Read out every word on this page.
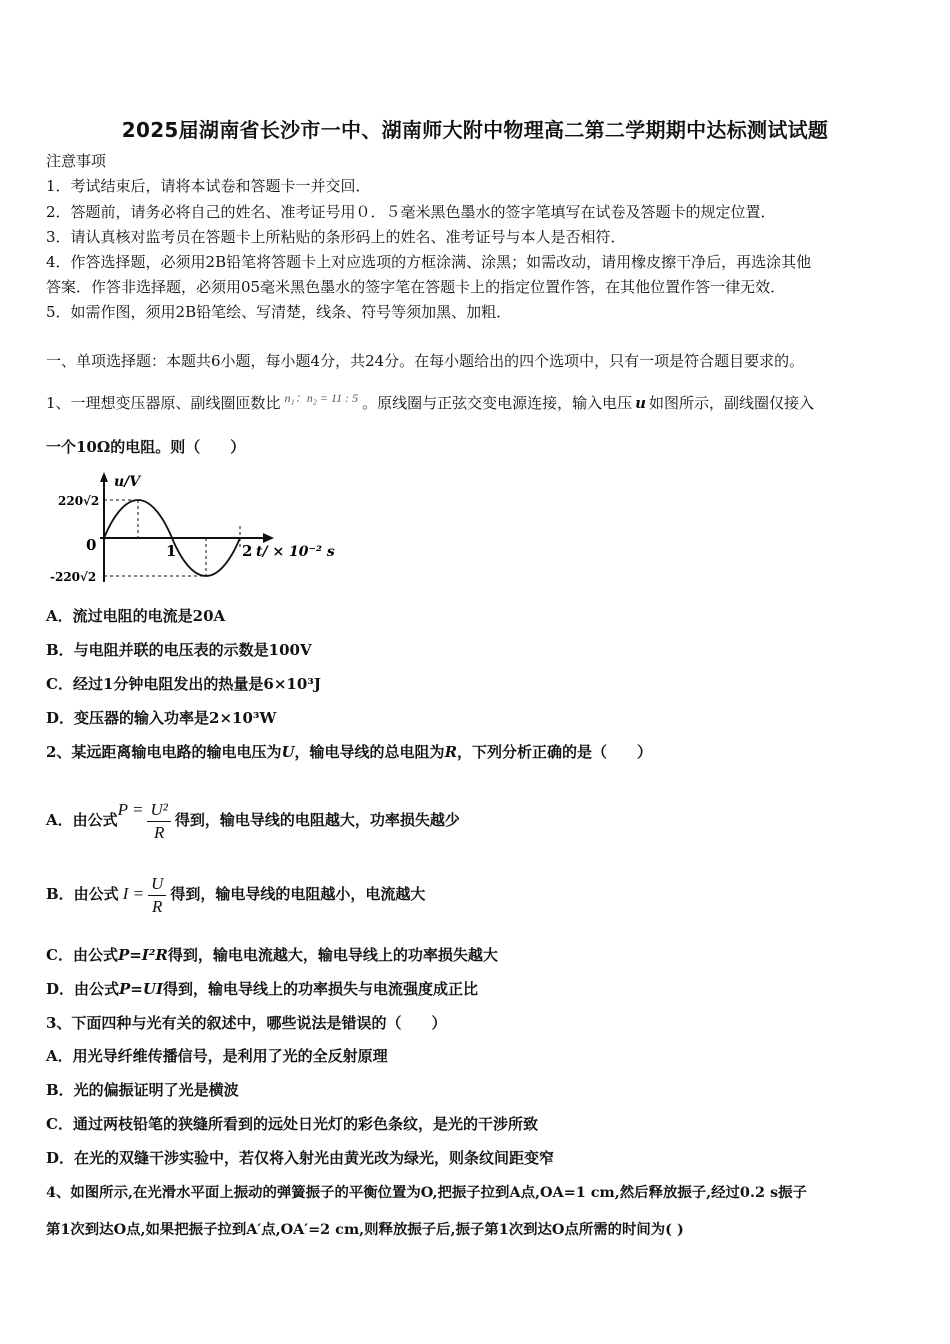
2025届湖南省长沙市一中、湖南师大附中物理高二第二学期期中达标测试试题
注意事项
1．考试结束后，请将本试卷和答题卡一并交回．
2．答题前，请务必将自己的姓名、准考证号用０．５毫米黑色墨水的签字笔填写在试卷及答题卡的规定位置．
3．请认真核对监考员在答题卡上所粘贴的条形码上的姓名、准考证号与本人是否相符．
4．作答选择题，必须用2B铅笔将答题卡上对应选项的方框涂满、涂黑；如需改动，请用橡皮擦干净后，再选涂其他
答案．作答非选择题，必须用05毫米黑色墨水的签字笔在答题卡上的指定位置作答，在其他位置作答一律无效．
5．如需作图，须用2B铅笔绘、写清楚，线条、符号等须加黑、加粗．
一、单项选择题：本题共6小题，每小题4分，共24分。在每小题给出的四个选项中，只有一项是符合题目要求的。
1、一理想变压器原、副线圈匝数比 $^{n_1:n_2 = 11 : 5}$ 。原线圈与正弦交变电源连接，输入电压 u 如图所示，副线圈仅接入
一个10Ω的电阻。则（　　）
u/V
220√2
0	1	2 t/ × 10⁻² s
-220√2
A．流过电阻的电流是20A
B．与电阻并联的电压表的示数是100V
C．经过1分钟电阻发出的热量是6×10³J
D．变压器的输入功率是2×10³W
2、某远距离输电电路的输电电压为U，输电导线的总电阻为R，下列分析正确的是（　　）
A．由公式$P = \frac{\text{U²}}{R}$ 得到，输电导线的电阻越大，功率损失越少
B．由公式 $I = \frac{U}{R}$ 得到，输电导线的电阻越小，电流越大
C．由公式P=I²R得到，输电电流越大，输电导线上的功率损失越大
D．由公式P=UI得到，输电导线上的功率损失与电流强度成正比
3、下面四种与光有关的叙述中，哪些说法是错误的（　　）
A．用光导纤维传播信号，是利用了光的全反射原理
B．光的偏振证明了光是横波
C．通过两枝铅笔的狭缝所看到的远处日光灯的彩色条纹，是光的干涉所致
D．在光的双缝干涉实验中，若仅将入射光由黄光改为绿光，则条纹间距变窄
4、如图所示,在光滑水平面上振动的弹簧振子的平衡位置为O,把振子拉到A点,OA=1 cm,然后释放振子,经过0.2 s振子
第1次到达O点,如果把振子拉到A′点,OA′=2 cm,则释放振子后,振子第1次到达O点所需的时间为( )
